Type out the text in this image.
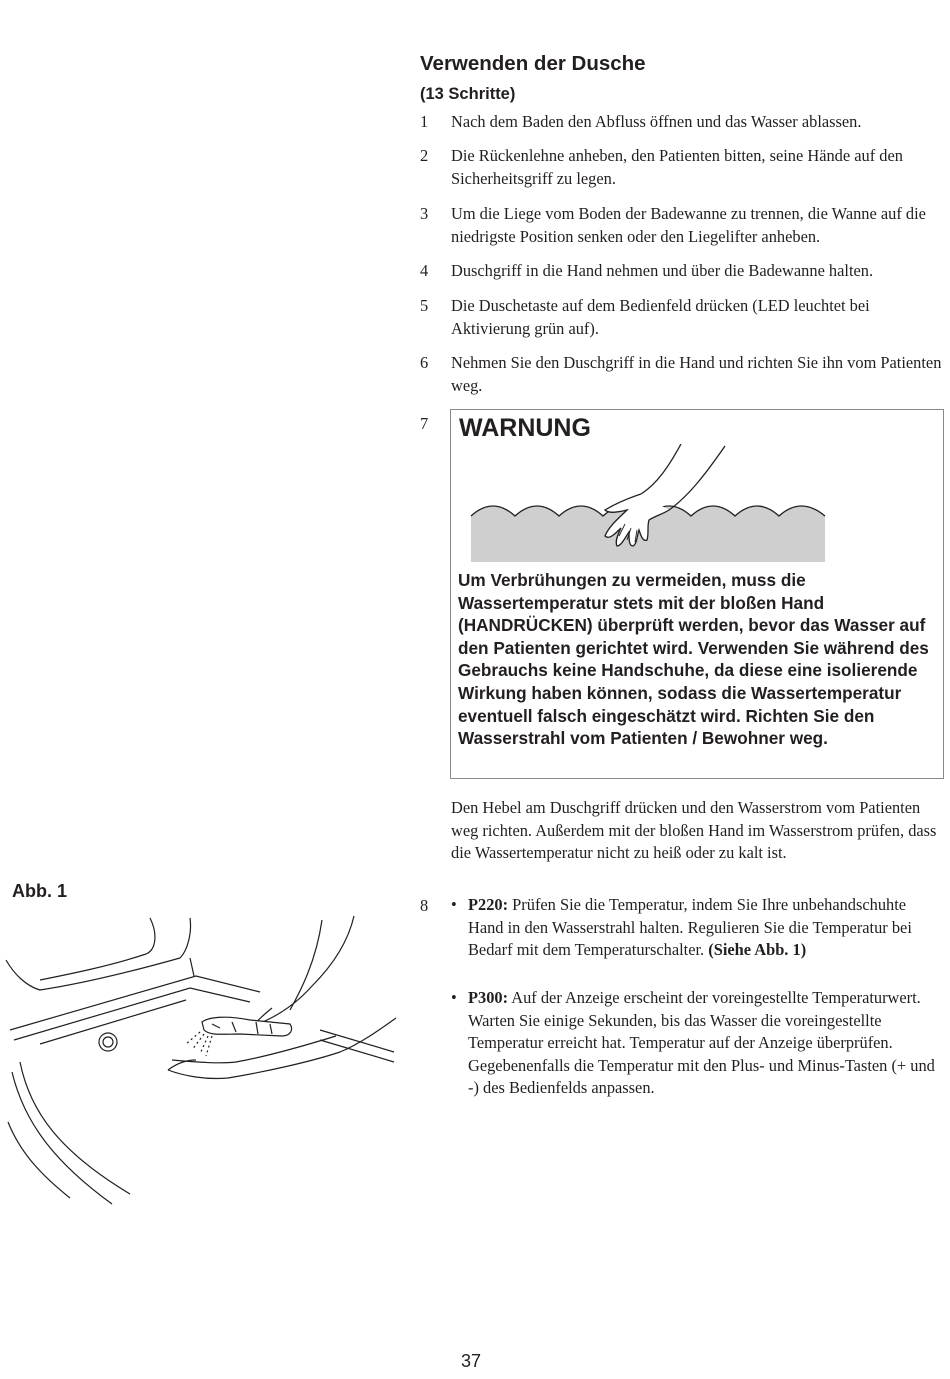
Verwenden der Dusche
(13 Schritte)
1 Nach dem Baden den Abfluss öffnen und das Wasser ablassen.
2 Die Rückenlehne anheben, den Patienten bitten, seine Hände auf den Sicherheitsgriff zu legen.
3 Um die Liege vom Boden der Badewanne zu trennen, die Wanne auf die niedrigste Position senken oder den Liegelifter anheben.
4 Duschgriff in die Hand nehmen und über die Badewanne halten.
5 Die Duschetaste auf dem Bedienfeld drücken (LED leuchtet bei Aktivierung grün auf).
6 Nehmen Sie den Duschgriff in die Hand und richten Sie ihn vom Patienten weg.
7 WARNUNG
Um Verbrühungen zu vermeiden, muss die Wassertemperatur stets mit der bloßen Hand (HANDRÜCKEN) überprüft werden, bevor das Wasser auf den Patienten gerichtet wird. Verwenden Sie während des Gebrauchs keine Handschuhe, da diese eine isolierende Wirkung haben können, sodass die Wassertemperatur eventuell falsch eingeschätzt wird. Richten Sie den Wasserstrahl vom Patienten / Bewohner weg.
Den Hebel am Duschgriff drücken und den Wasserstrom vom Patienten weg richten. Außerdem mit der bloßen Hand im Wasserstrom prüfen, dass die Wassertemperatur nicht zu heiß oder zu kalt ist.
8 • P220: Prüfen Sie die Temperatur, indem Sie Ihre unbehandschuhte Hand in den Wasserstrahl halten. Regulieren Sie die Temperatur bei Bedarf mit dem Temperaturschalter. (Siehe Abb. 1)
• P300: Auf der Anzeige erscheint der voreingestellte Temperaturwert. Warten Sie einige Sekunden, bis das Wasser die voreingestellte Temperatur erreicht hat. Temperatur auf der Anzeige überprüfen. Gegebenenfalls die Temperatur mit den Plus- und Minus-Tasten (+ und -) des Bedienfelds anpassen.
Abb. 1
37
